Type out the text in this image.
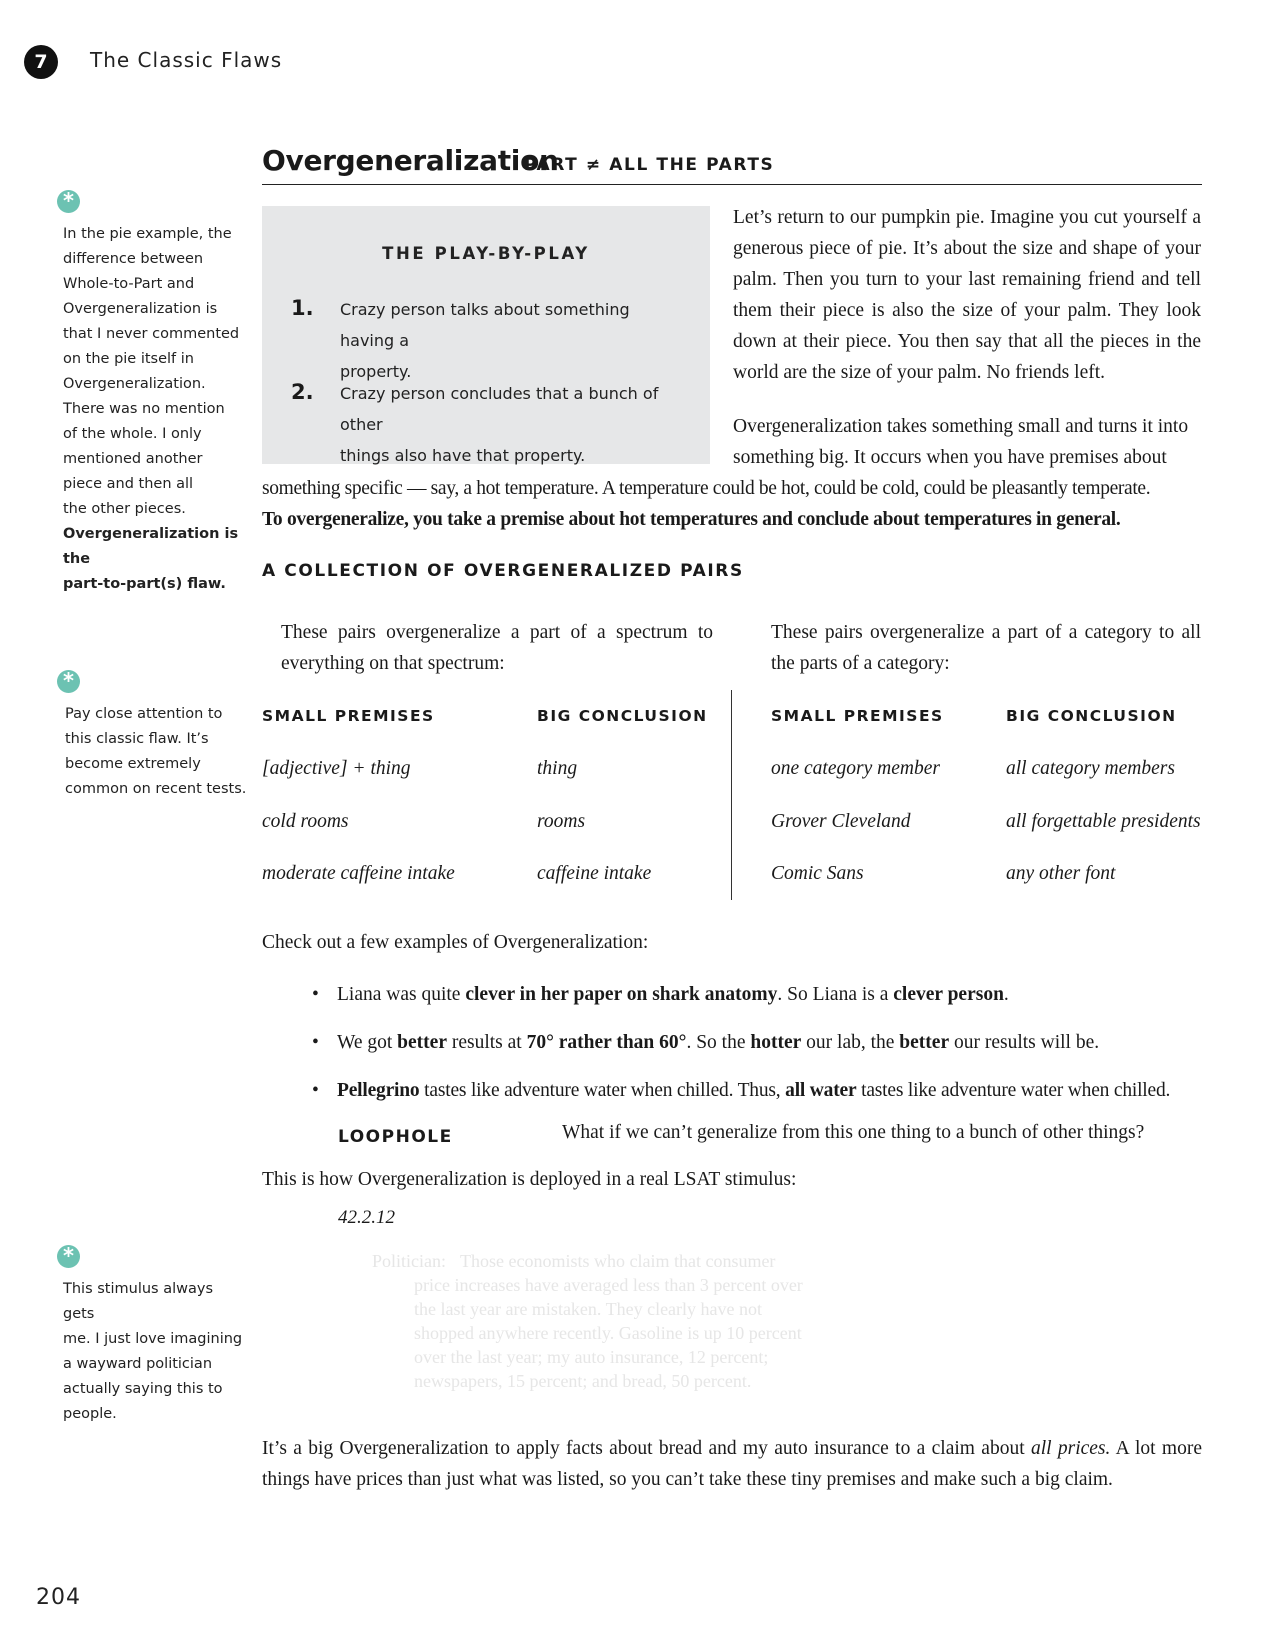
7	The Classic Flaws
Overgeneralization
PART ≠ ALL THE PARTS
*
In the pie example, the
difference between
Whole-to-Part and
Overgeneralization is
that I never commented
on the pie itself in
Overgeneralization.
There was no mention
of the whole. I only
mentioned another
piece and then all
the other pieces.
Overgeneralization is the
part-to-part(s) flaw.
*
Pay close attention to
this classic flaw. It’s
become extremely
common on recent tests.
*
This stimulus always gets
me. I just love imagining
a wayward politician
actually saying this to
people.
THE PLAY-BY-PLAY
1. Crazy person talks about something having a
property.
2. Crazy person concludes that a bunch of other
things also have that property.
Let’s return to our pumpkin pie. Imagine you cut yourself a generous piece of pie. It’s about the size and shape of your palm. Then you turn to your last remaining friend and tell them their piece is also the size of your palm. They look down at their piece. You then say that all the pieces in the world are the size of your palm. No friends left.
Overgeneralization takes something small and turns it into
something big. It occurs when you have premises about
something specific — say, a hot temperature. A temperature could be hot, could be cold, could be pleasantly temperate.
To overgeneralize, you take a premise about hot temperatures and conclude about temperatures in general.
A COLLECTION OF OVERGENERALIZED PAIRS
These pairs overgeneralize a part of a spectrum to everything on that spectrum:
These pairs overgeneralize a part of a category to all the parts of a category:
SMALL PREMISES	BIG CONCLUSION	SMALL PREMISES	BIG CONCLUSION
[adjective] + thing	thing
cold rooms	rooms
moderate caffeine intake	caffeine intake
one category member	all category members
Grover Cleveland	all forgettable presidents
Comic Sans	any other font
Check out a few examples of Overgeneralization:
• Liana was quite clever in her paper on shark anatomy. So Liana is a clever person.
• We got better results at 70° rather than 60°. So the hotter our lab, the better our results will be.
• Pellegrino tastes like adventure water when chilled. Thus, all water tastes like adventure water when chilled.
LOOPHOLE	What if we can’t generalize from this one thing to a bunch of other things?
This is how Overgeneralization is deployed in a real LSAT stimulus:
42.2.12
Politician: Those economists who claim that consumer price increases have averaged less than 3 percent over the last year are mistaken. They clearly have not shopped anywhere recently. Gasoline is up 10 percent over the last year; my auto insurance, 12 percent; newspapers, 15 percent; and bread, 50 percent.
It’s a big Overgeneralization to apply facts about bread and my auto insurance to a claim about all prices. A lot more things have prices than just what was listed, so you can’t take these tiny premises and make such a big claim.
204
